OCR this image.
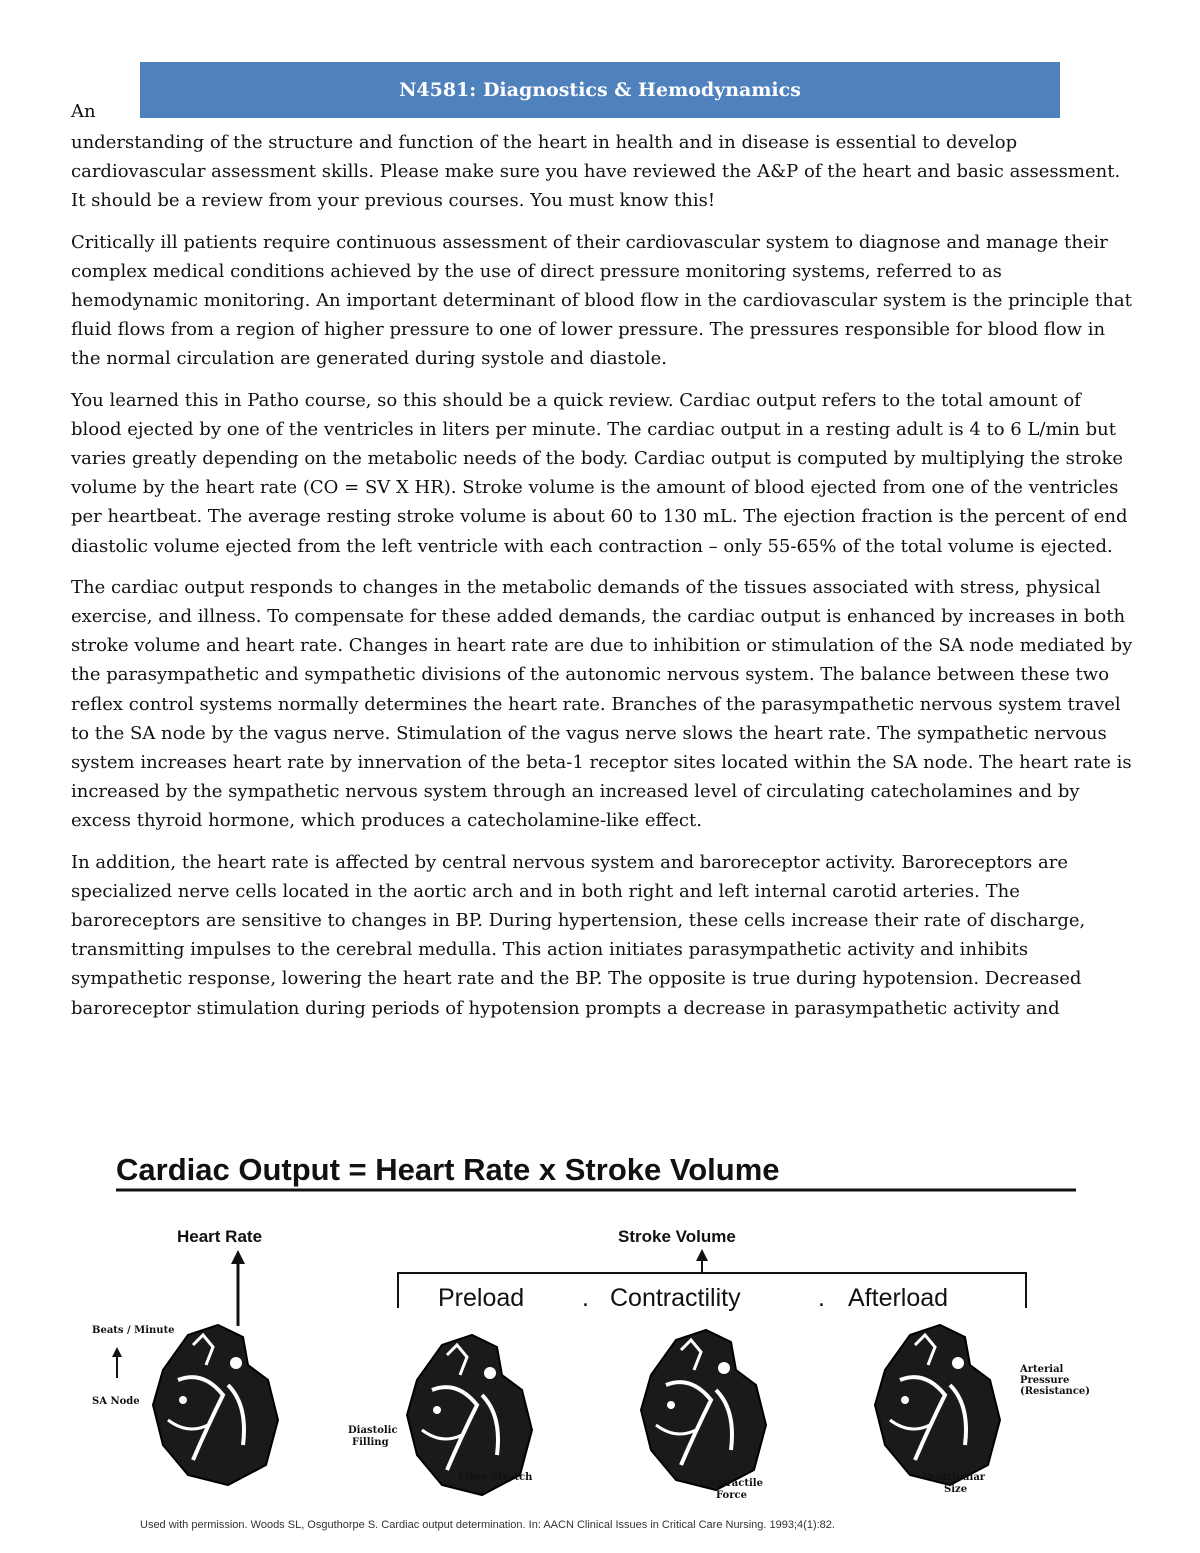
N4581: Diagnostics & Hemodynamics
An

understanding of the structure and function of the heart in health and in disease is essential to develop cardiovascular assessment skills. Please make sure you have reviewed the A&P of the heart and basic assessment. It should be a review from your previous courses. You must know this!

Critically ill patients require continuous assessment of their cardiovascular system to diagnose and manage their complex medical conditions achieved by the use of direct pressure monitoring systems, referred to as hemodynamic monitoring. An important determinant of blood flow in the cardiovascular system is the principle that fluid flows from a region of higher pressure to one of lower pressure. The pressures responsible for blood flow in the normal circulation are generated during systole and diastole.

You learned this in Patho course, so this should be a quick review. Cardiac output refers to the total amount of blood ejected by one of the ventricles in liters per minute. The cardiac output in a resting adult is 4 to 6 L/min but varies greatly depending on the metabolic needs of the body. Cardiac output is computed by multiplying the stroke volume by the heart rate (CO = SV X HR). Stroke volume is the amount of blood ejected from one of the ventricles per heartbeat. The average resting stroke volume is about 60 to 130 mL. The ejection fraction is the percent of end diastolic volume ejected from the left ventricle with each contraction – only 55-65% of the total volume is ejected.

The cardiac output responds to changes in the metabolic demands of the tissues associated with stress, physical exercise, and illness. To compensate for these added demands, the cardiac output is enhanced by increases in both stroke volume and heart rate. Changes in heart rate are due to inhibition or stimulation of the SA node mediated by the parasympathetic and sympathetic divisions of the autonomic nervous system. The balance between these two reflex control systems normally determines the heart rate. Branches of the parasympathetic nervous system travel to the SA node by the vagus nerve. Stimulation of the vagus nerve slows the heart rate. The sympathetic nervous system increases heart rate by innervation of the beta-1 receptor sites located within the SA node. The heart rate is increased by the sympathetic nervous system through an increased level of circulating catecholamines and by excess thyroid hormone, which produces a catecholamine-like effect.

In addition, the heart rate is affected by central nervous system and baroreceptor activity. Baroreceptors are specialized nerve cells located in the aortic arch and in both right and left internal carotid arteries. The baroreceptors are sensitive to changes in BP. During hypertension, these cells increase their rate of discharge, transmitting impulses to the cerebral medulla. This action initiates parasympathetic activity and inhibits sympathetic response, lowering the heart rate and the BP. The opposite is true during hypotension. Decreased baroreceptor stimulation during periods of hypotension prompts a decrease in parasympathetic activity and

Cardiac Output = Heart Rate x Stroke Volume
Heart Rate	Stroke Volume
Preload . Contractility	. Afterload
Beats / Minute
SA Node
Diastolic
Filling
Fiber Stretch
Contractile
Force
Arterial
Pressure
(Resistance)
Ventricular
Size
Used with permission. Woods SL, Osguthorpe S. Cardiac output determination. In: AACN Clinical Issues in Critical Care Nursing. 1993;4(1):82.
